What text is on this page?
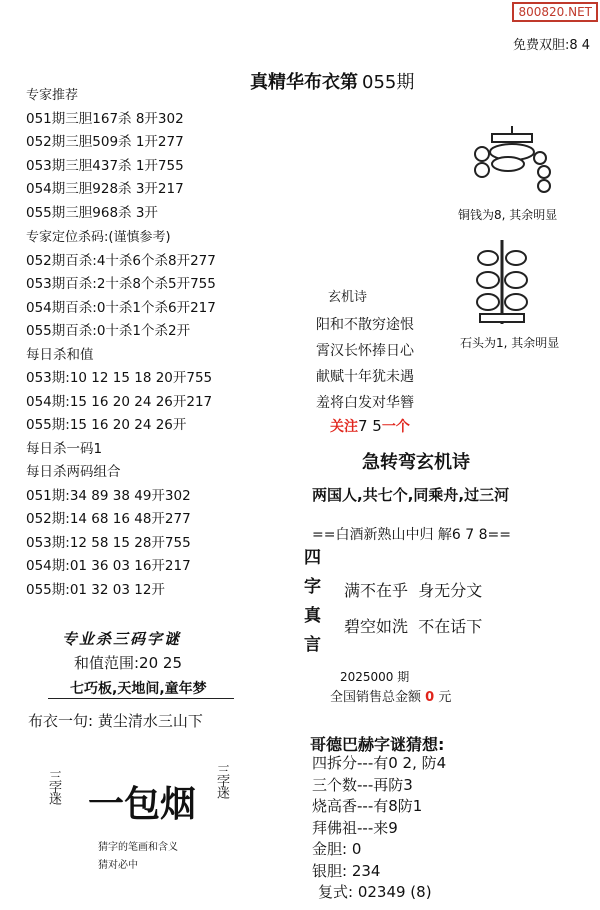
800820.NET
免费双胆:8 4
真精华布衣第 055期
专家推荐
051期三胆167杀 8开302
052期三胆509杀 1开277
053期三胆437杀 1开755
054期三胆928杀 3开217
055期三胆968杀 3开
专家定位杀码:(谨慎参考)
052期百杀:4十杀6个杀8开277
053期百杀:2十杀8个杀5开755
054期百杀:0十杀1个杀6开217
055期百杀:0十杀1个杀2开
每日杀和值
053期:10 12 15 18 20开755
054期:15 16 20 24 26开217
055期:15 16 20 24 26开
每日杀一码1
每日杀两码组合
051期:34 89 38 49开302
052期:14 68 16 48开277
053期:12 58 15 28开755
054期:01 36 03 16开217
055期:01 32 03 12开
专业杀三码字谜
和值范围:20 25
七巧板,天地间,童年梦
布衣一句: 黄尘清水三山下
三字迷 一包烟
三字迷
猜字的笔画和含义
猜对必中
铜钱为8, 其余明显
石头为1, 其余明显
玄机诗
阳和不散穷途恨
霄汉长怀捧日心
献赋十年犹未遇
羞将白发对华簪
关注7 5一个
急转弯玄机诗
两国人,共七个,同乘舟,过三河
==白酒新熟山中归 解6 7 8==
四
字
真
言
满不在乎 身无分文
碧空如洗 不在话下
2025000 期
全国销售总金额 0 元
哥德巴赫字谜猜想:
四拆分---有0 2, 防4
三个数---再防3
烧高香---有8防1
拜佛祖---来9
金胆: 0
银胆: 234
复式: 02349 (8)
